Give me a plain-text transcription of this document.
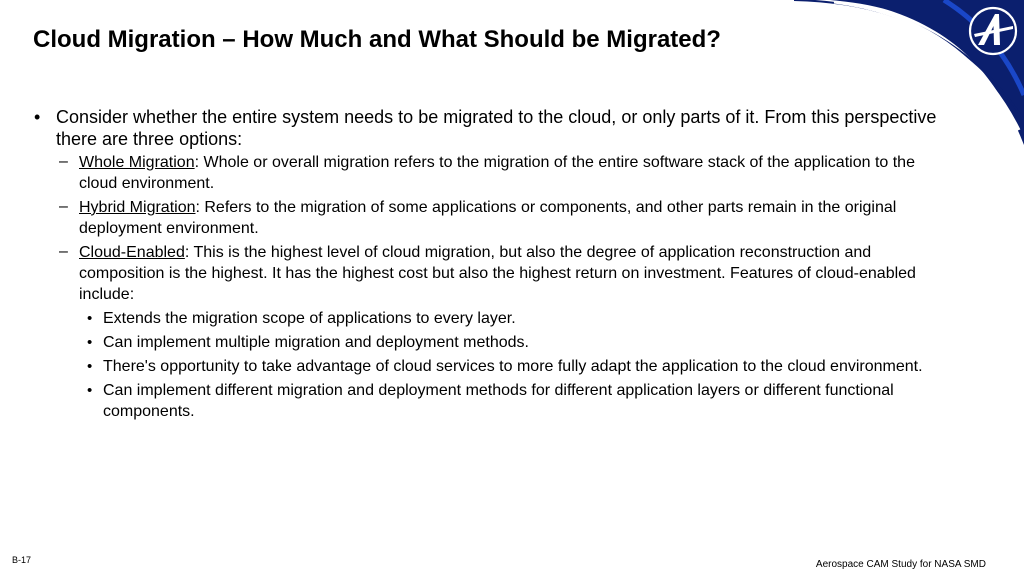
Cloud Migration – How Much and What Should be Migrated?
• Consider whether the entire system needs to be migrated to the cloud, or only parts of it. From this perspective there are three options:
– Whole Migration: Whole or overall migration refers to the migration of the entire software stack of the application to the cloud environment.
– Hybrid Migration: Refers to the migration of some applications or components, and other parts remain in the original deployment environment.
– Cloud-Enabled: This is the highest level of cloud migration, but also the degree of application reconstruction and composition is the highest. It has the highest cost but also the highest return on investment. Features of cloud-enabled include:
• Extends the migration scope of applications to every layer.
• Can implement multiple migration and deployment methods.
• There's opportunity to take advantage of cloud services to more fully adapt the application to the cloud environment.
• Can implement different migration and deployment methods for different application layers or different functional components.
B-17	Aerospace CAM Study for NASA SMD
